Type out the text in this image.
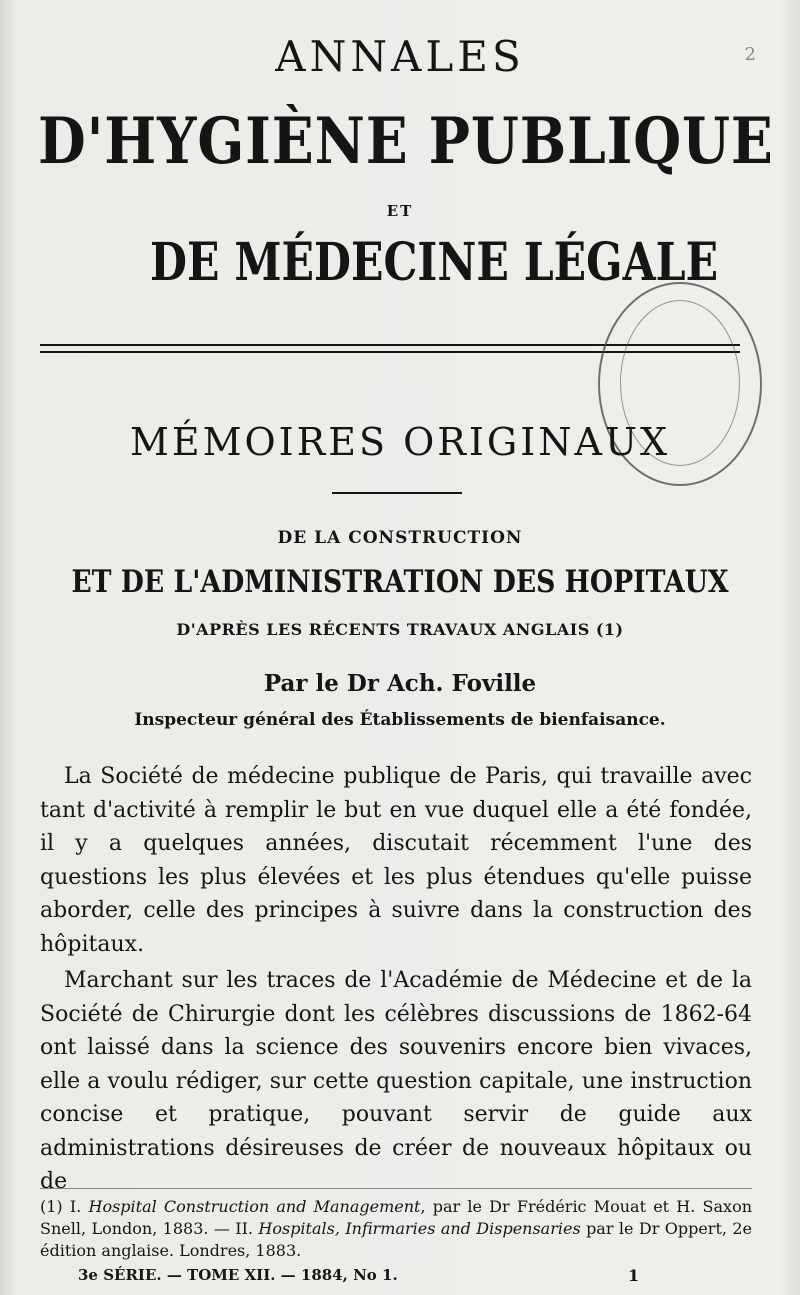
2
ANNALES
D'HYGIÈNE PUBLIQUE
ET
DE MÉDECINE LÉGALE
MÉMOIRES ORIGINAUX
DE LA CONSTRUCTION
ET DE L'ADMINISTRATION DES HOPITAUX
D'APRÈS LES RÉCENTS TRAVAUX ANGLAIS (1)
Par le Dr Ach. Foville
Inspecteur général des Établissements de bienfaisance.
La Société de médecine publique de Paris, qui travaille avec tant d'activité à remplir le but en vue duquel elle a été fondée, il y a quelques années, discutait récemment l'une des questions les plus élevées et les plus étendues qu'elle puisse aborder, celle des principes à suivre dans la construction des hôpitaux.
Marchant sur les traces de l'Académie de Médecine et de la Société de Chirurgie dont les célèbres discussions de 1862-64 ont laissé dans la science des souvenirs encore bien vivaces, elle a voulu rédiger, sur cette question capitale, une instruction concise et pratique, pouvant servir de guide aux administrations désireuses de créer de nouveaux hôpitaux ou de
(1) I. Hospital Construction and Management, par le Dr Frédéric Mouat et H. Saxon Snell, London, 1883. — II. Hospitals, Infirmaries and Dispensaries par le Dr Oppert, 2e édition anglaise. Londres, 1883.
3e SÉRIE. — TOME XII. — 1884, No 1.	1
